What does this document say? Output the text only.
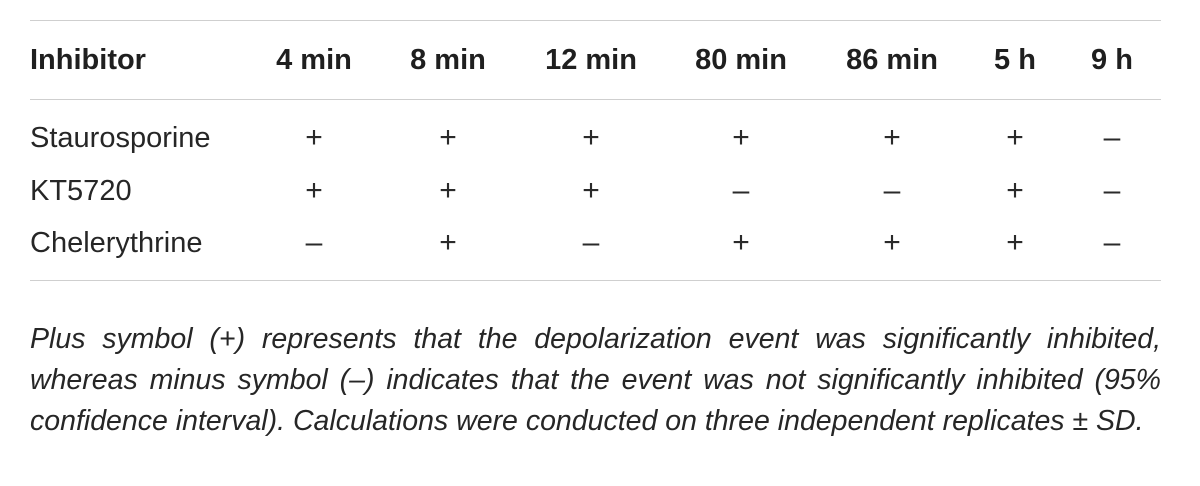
Inhibitor	4 min 8 min 12 min 80 min 86 min 5 h 9 h
Staurosporine	+	+	+	+	+	+	–
KT5720	+	+	+	–	–	+	–
Chelerythrine	–	+	–	+	+	+	–

Plus symbol (+) represents that the depolarization event was significantly inhibited, whereas minus symbol (–) indicates that the event was not significantly inhibited (95% confidence interval). Calculations were conducted on three independent replicates ± SD.
